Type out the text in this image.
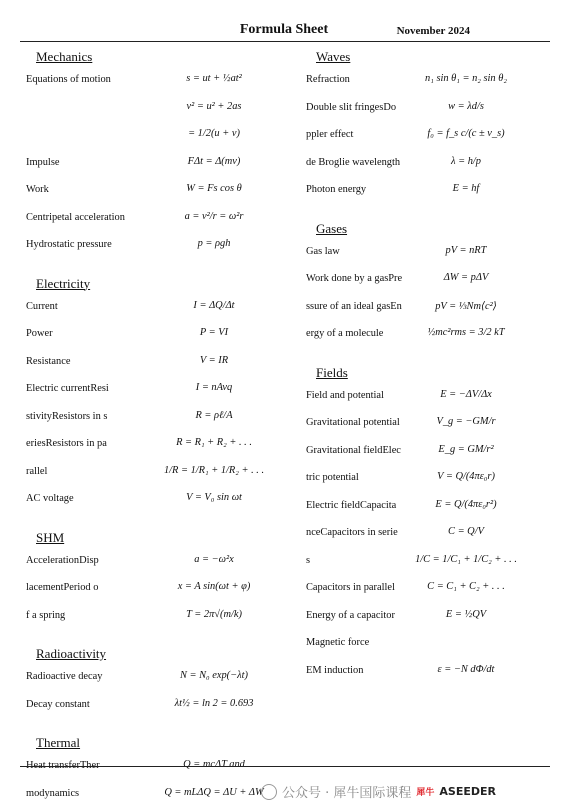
Formula Sheet	November 2024
Mechanics
Equations of motion	s = ut + ½at²
v² = u² + 2as
= 1/2(u + v)
Impulse	FΔt = Δ(mv)
Work	W = Fs cos θ
Centripetal acceleration	a = v²/r = ω²r
Hydrostatic pressure	p = ρgh
Electricity
Current	I = ΔQ/Δt
Power	P = VI
Resistance	V = IR
Electric currentResi	I = nAvq
stivityResistors in s	R = ρℓ/A
eriesResistors in pa	R = R₁ + R₂ + . . .
rallel	1/R = 1/R₁ + 1/R₂ + . . .
AC voltage	V = V₀ sin ωt
SHM
AccelerationDisp	a = −ω²x
lacementPeriod o	x = A sin(ωt + φ)
f a spring	T = 2π√(m/k)
Radioactivity
Radioactive decay	N = N₀ exp(−λt)
Decay constant	λt½ = ln 2 = 0.693
Thermal
Heat transferTher	Q = mcΔT and
modynamics	Q = mLΔQ = ΔU + ΔW
Waves
Refraction	n₁ sin θ₁ = n₂ sin θ₂
Double slit fringesDo	w = λd/s
ppler effect	f₀ = f_s c/(c ± v_s)
de Broglie wavelength	λ = h/p
Photon energy	E = hf
Gases
Gas law	pV = nRT
Work done by a gasPre	ΔW = pΔV
ssure of an ideal gasEn	pV = ⅓Nm⟨c²⟩
ergy of a molecule	½mc²rms = 3/2 kT
Fields
Field and potential	E = −ΔV/Δx
Gravitational potential	V_g = −GM/r
Gravitational fieldElec	E_g = GM/r²
tric potential	V = Q/(4πε₀r)
Electric fieldCapacita	E = Q/(4πε₀r²)
nceCapacitors in serie	C = Q/V
s	1/C = 1/C₁ + 1/C₂ + . . .
Capacitors in parallel	C = C₁ + C₂ + . . .
Energy of a capacitor	E = ½QV
Magnetic force
EM induction	ε = −N dΦ/dt
公众号 · 犀牛国际课程 犀牛 ASEEDER
